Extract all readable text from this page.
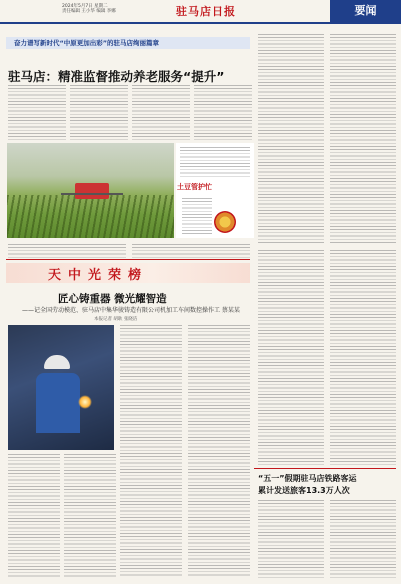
2024年5月7日 星期二
责任编辑 王小华 编辑 李娜	驻马店日报	要闻
奋力谱写新时代“中原更加出彩”的驻马店绚丽篇章
驻马店：精准监督推动养老服务“提升”
土豆管护忙
天中光荣榜
匠心铸重器 微光耀智造
——记全国劳动模范、驻马店中集华骏铸造有限公司机加工车间数控操作工 蔡某某
本报记者 胡耿 张晓洁
“五一”假期驻马店铁路客运
累计发送旅客13.3万人次
